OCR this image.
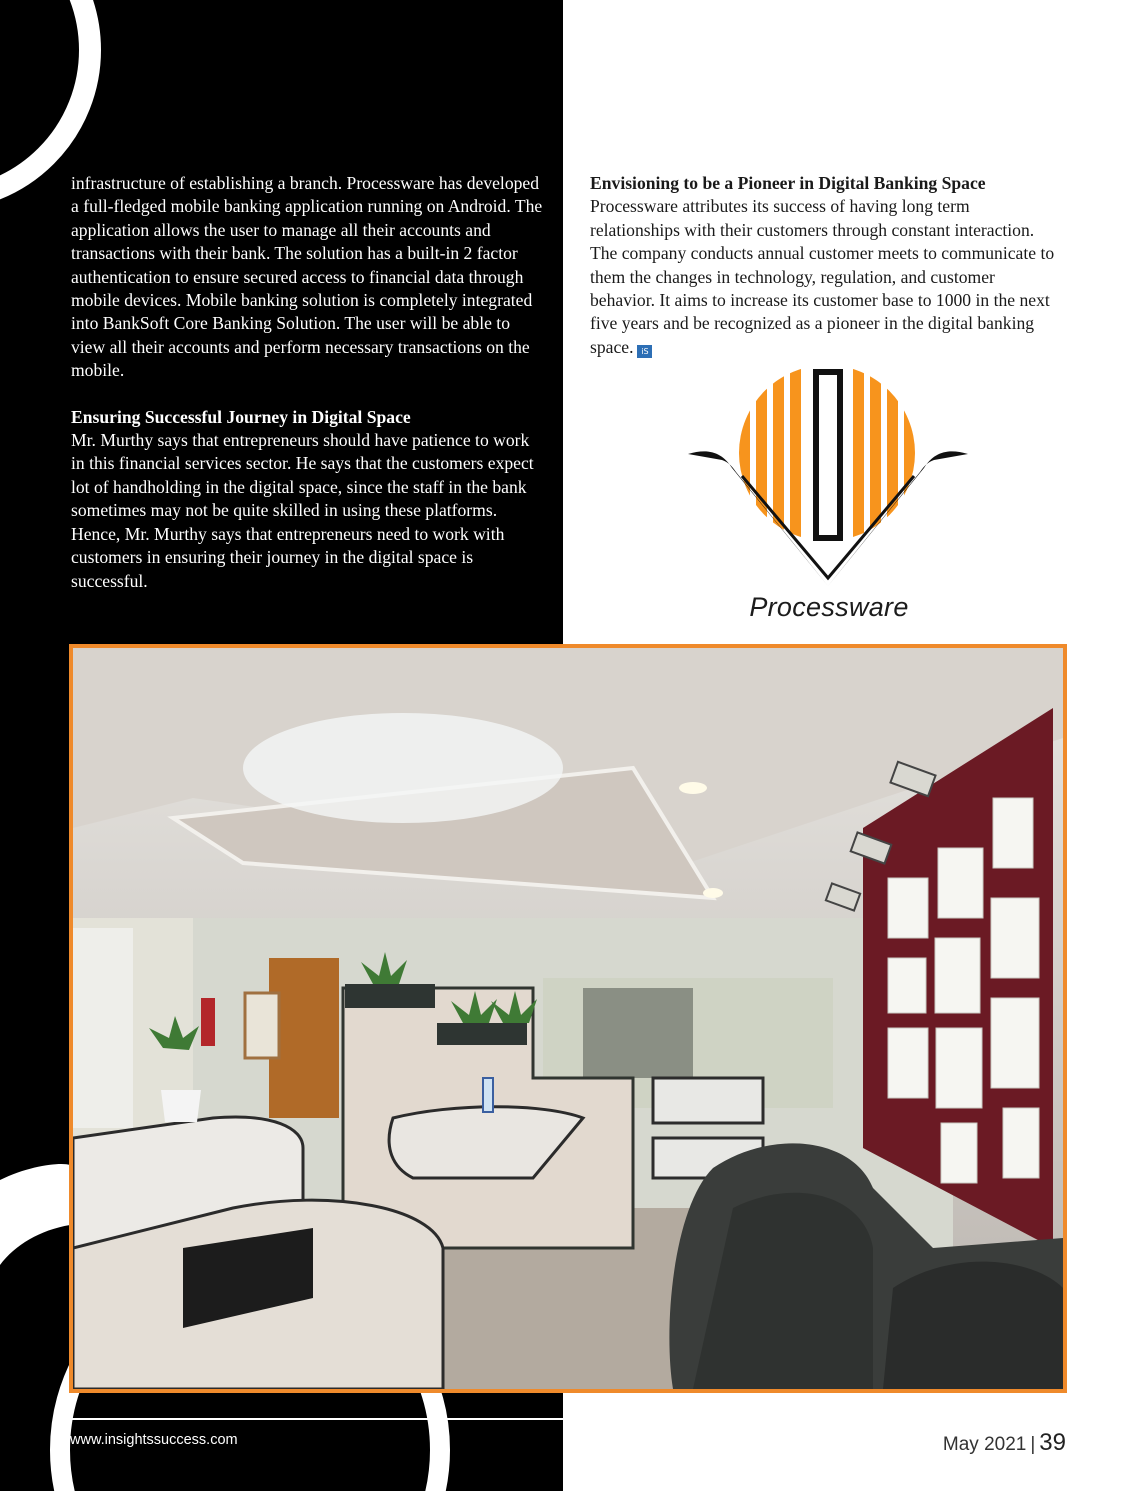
infrastructure of establishing a branch. Processware has developed a full-fledged mobile banking application running on Android. The application allows the user to manage all their accounts and transactions with their bank. The solution has a built-in 2 factor authentication to ensure secured access to financial data through mobile devices. Mobile banking solution is completely integrated into BankSoft Core Banking Solution. The user will be able to view all their accounts and perform necessary transactions on the mobile.

Ensuring Successful Journey in Digital Space

Mr. Murthy says that entrepreneurs should have patience to work in this financial services sector. He says that the customers expect lot of handholding in the digital space, since the staff in the bank sometimes may not be quite skilled in using these platforms. Hence, Mr. Murthy says that entrepreneurs need to work with customers in ensuring their journey in the digital space is successful.

Envisioning to be a Pioneer in Digital Banking Space

Processware attributes its success of having long term relationships with their customers through constant interaction. The company conducts annual customer meets to communicate to them the changes in technology, regulation, and customer behavior. It aims to increase its customer base to 1000 in the next five years and be recognized as a pioneer in the digital banking space. iS

Processware
www.insightssuccess.com	May 2021 | 39
